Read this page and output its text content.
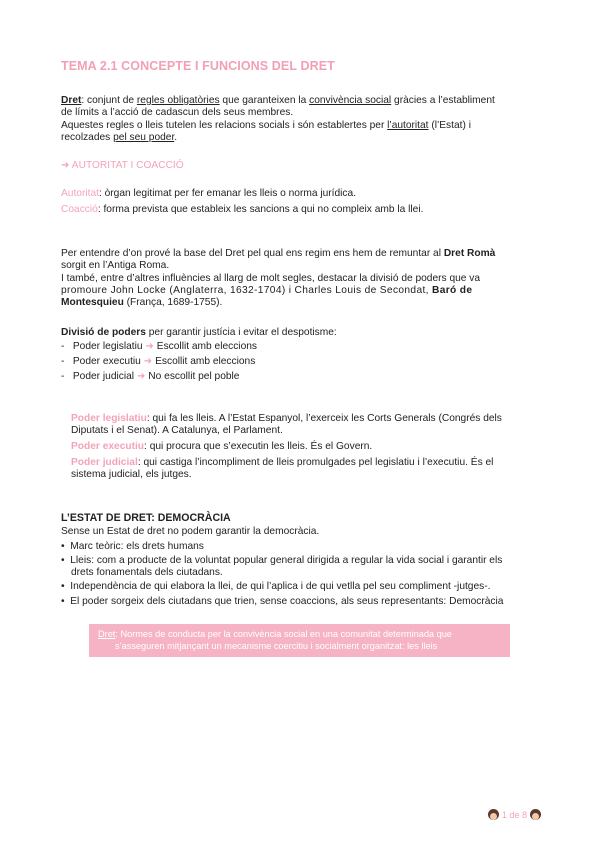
TEMA 2.1 CONCEPTE I FUNCIONS DEL DRET
Dret: conjunt de regles obligatòries que garanteixen la convivència social gràcies a l’establiment
de límits a l’acció de cadascun dels seus membres.
Aquestes regles o lleis tutelen les relacions socials i són establertes per l’autoritat (l’Estat) i
recolzades pel seu poder.
➜ AUTORITAT I COACCIÓ
Autoritat: òrgan legitimat per fer emanar les lleis o norma jurídica.
Coacció: forma prevista que estableix les sancions a qui no compleix amb la llei.
Per entendre d’on prové la base del Dret pel qual ens regim ens hem de remuntar al Dret Romà
sorgit en l’Antiga Roma.
I també, entre d’altres influències al llarg de molt segles, destacar la divisió de poders que va
promoure John Locke (Anglaterra, 1632-1704) i Charles Louis de Secondat, Baró de
Montesquieu (França, 1689-1755).
Divisió de poders per garantir justícia i evitar el despotisme:
-   Poder legislatiu ➜ Escollit amb eleccions
-   Poder executiu ➜ Escollit amb eleccions
-   Poder judicial ➜ No escollit pel poble
Poder legislatiu: qui fa les lleis. A l’Estat Espanyol, l’exerceix les Corts Generals (Congrés dels
Diputats i el Senat). A Catalunya, el Parlament.
Poder executiu: qui procura que s’executin les lleis. És el Govern.
Poder judicial: qui castiga l’incompliment de lleis promulgades pel legislatiu i l’executiu. És el
sistema judicial, els jutges.
L’ESTAT DE DRET: DEMOCRÀCIA
Sense un Estat de dret no podem garantir la democràcia.
• Marc teòric: els drets humans
• Lleis: com a producte de la voluntat popular general dirigida a regular la vida social i garantir els
drets fonamentals dels ciutadans.
• Independència de qui elabora la llei, de qui l’aplica i de qui vetlla pel seu compliment -jutges-.
• El poder sorgeix dels ciutadans que trien, sense coaccions, als seus representants: Democràcia
Dret: Normes de conducta per la convivència social en una comunitat determinada que
s’asseguren mitjançant un mecanisme coercitiu i socialment organitzat: les lleis
1 de 8
